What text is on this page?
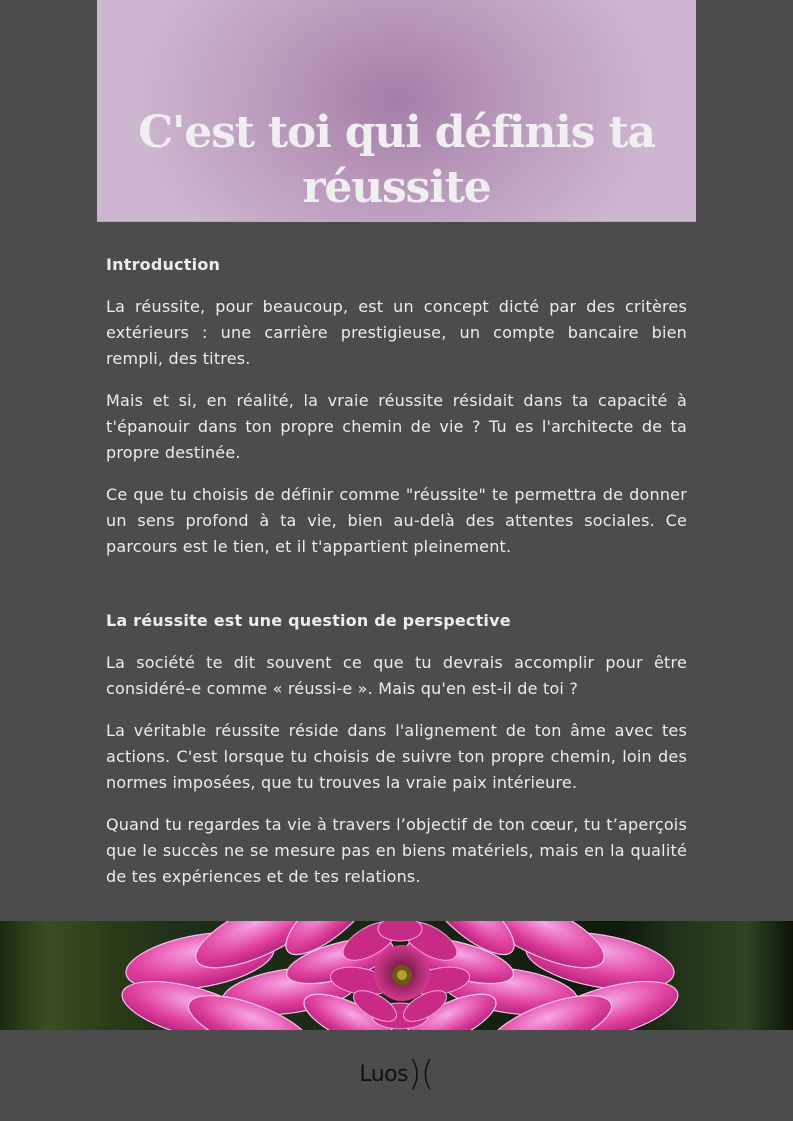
C'est toi qui définis ta réussite
Introduction

La réussite, pour beaucoup, est un concept dicté par des critères extérieurs : une carrière prestigieuse, un compte bancaire bien rempli, des titres.

Mais et si, en réalité, la vraie réussite résidait dans ta capacité à t'épanouir dans ton propre chemin de vie ? Tu es l'architecte de ta propre destinée.

Ce que tu choisis de définir comme "réussite" te permettra de donner un sens profond à ta vie, bien au-delà des attentes sociales. Ce parcours est le tien, et il t'appartient pleinement.

La réussite est une question de perspective

La société te dit souvent ce que tu devrais accomplir pour être considéré-e comme « réussi-e ». Mais qu'en est-il de toi ?

La véritable réussite réside dans l'alignement de ton âme avec tes actions. C'est lorsque tu choisis de suivre ton propre chemin, loin des normes imposées, que tu trouves la vraie paix intérieure.

Quand tu regardes ta vie à travers l’objectif de ton cœur, tu t’aperçois que le succès ne se mesure pas en biens matériels, mais en la qualité de tes expériences et de tes relations.

Luos)(
